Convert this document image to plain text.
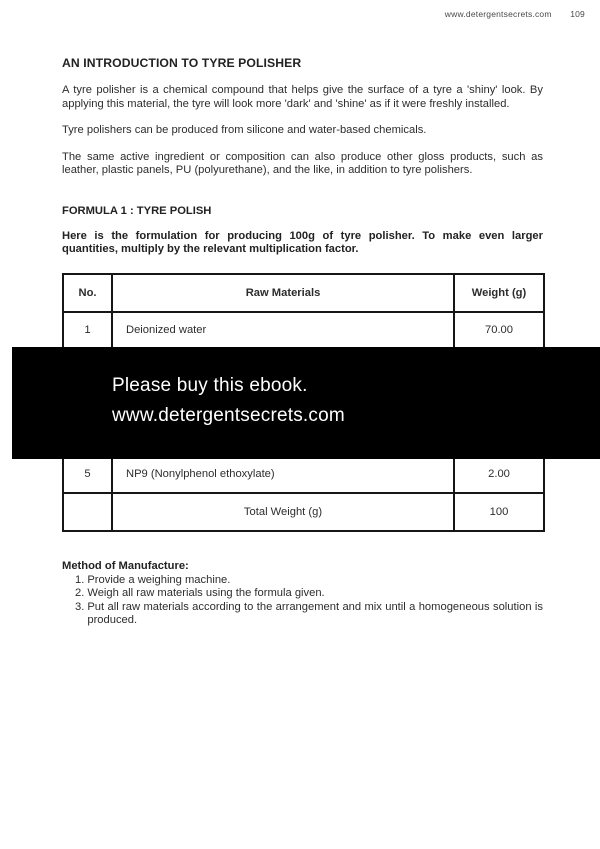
www.detergentsecrets.com 109
AN INTRODUCTION TO TYRE POLISHER

A tyre polisher is a chemical compound that helps give the surface of a tyre a 'shiny' look. By applying this material, the tyre will look more 'dark' and 'shine' as if it were freshly installed.

Tyre polishers can be produced from silicone and water-based chemicals.

The same active ingredient or composition can also produce other gloss products, such as leather, plastic panels, PU (polyurethane), and the like, in addition to tyre polishers.

FORMULA 1 : TYRE POLISH

Here is the formulation for producing 100g of tyre polisher. To make even larger quantities, multiply by the relevant multiplication factor.

No.	Raw Materials	Weight (g)
1	Deionized water	70.00

5	NP9 (Nonylphenol ethoxylate)	2.00
	Total Weight (g)	100
Please buy this ebook.
www.detergentsecrets.com
Method of Manufacture:
1. Provide a weighing machine.
2. Weigh all raw materials using the formula given.
3. Put all raw materials according to the arrangement and mix until a homogeneous solution is produced.
